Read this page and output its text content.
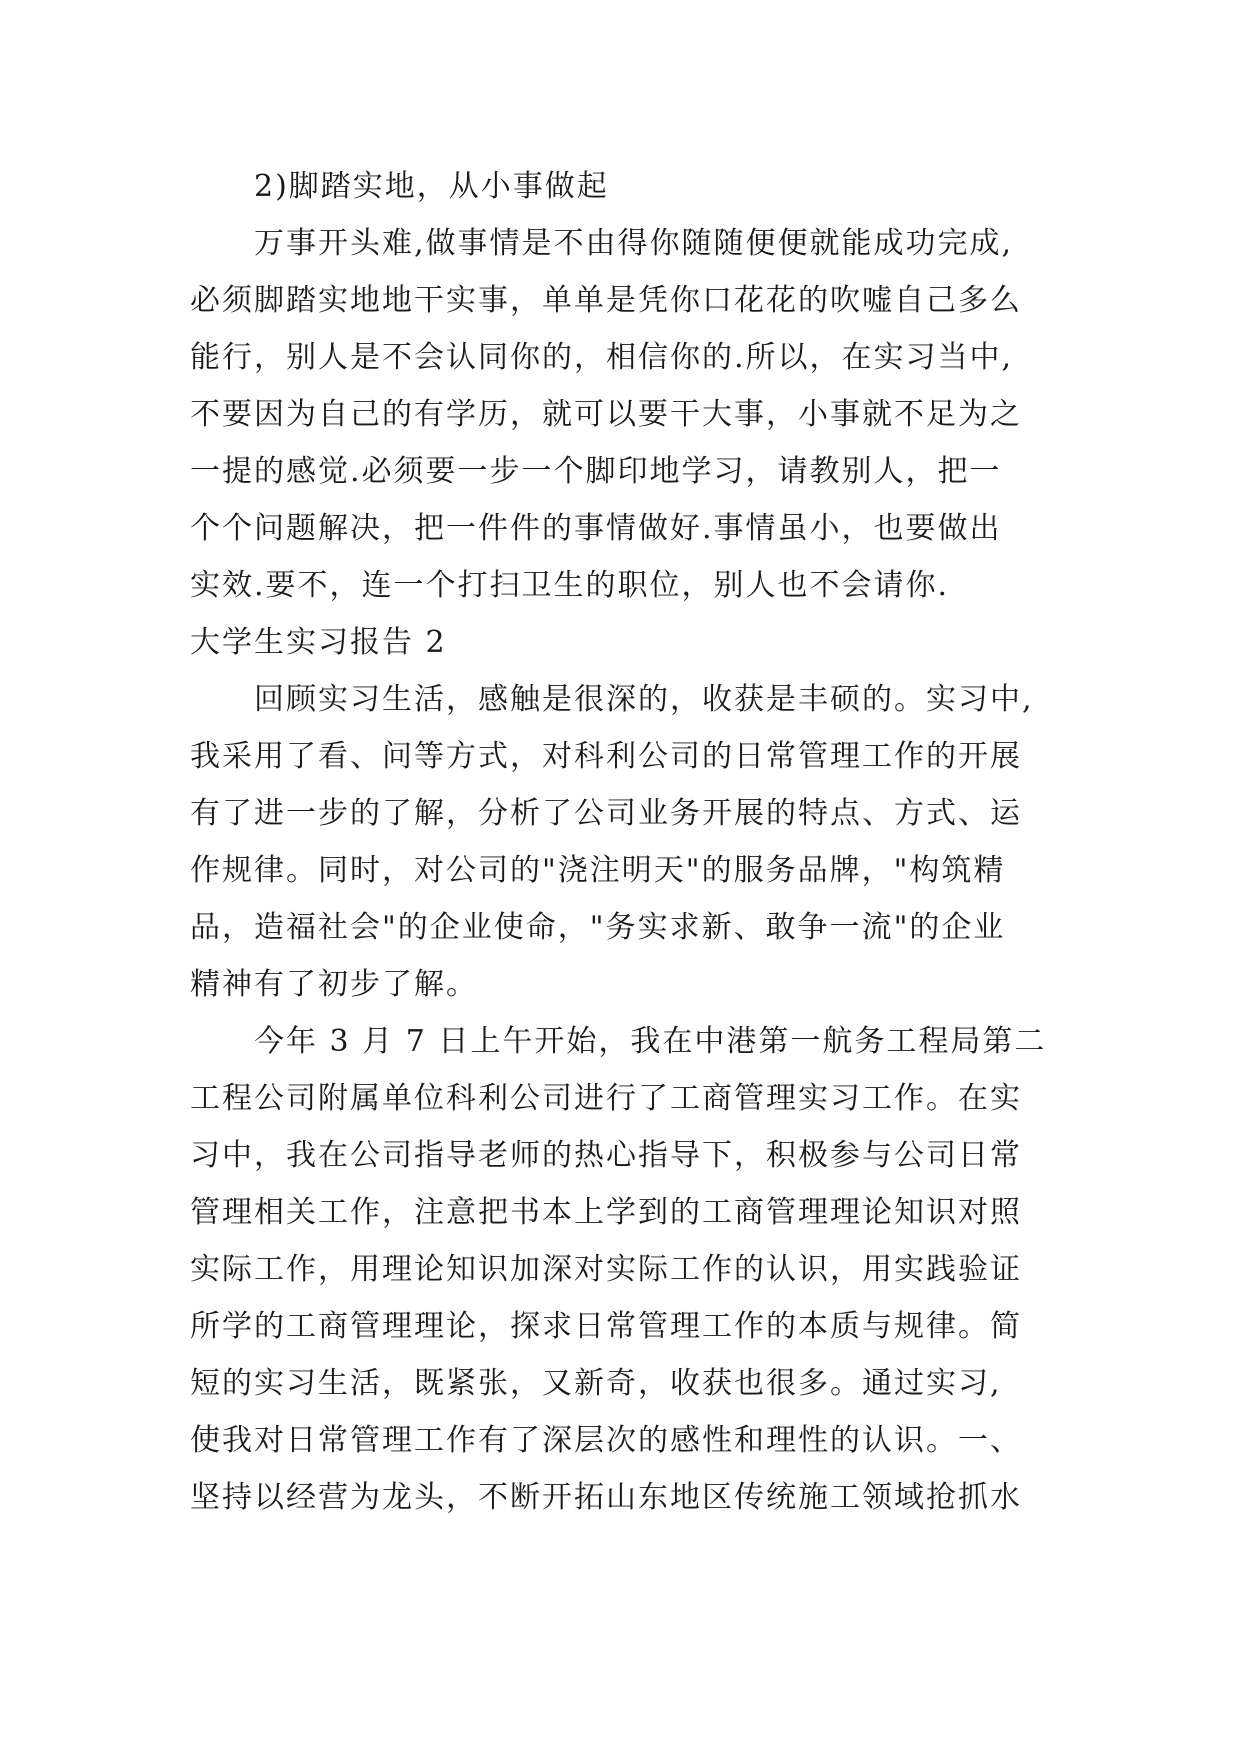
2)脚踏实地，从小事做起
万事开头难,做事情是不由得你随随便便就能成功完成,
必须脚踏实地地干实事，单单是凭你口花花的吹嘘自己多么
能行，别人是不会认同你的，相信你的.所以，在实习当中,
不要因为自己的有学历，就可以要干大事，小事就不足为之
一提的感觉.必须要一步一个脚印地学习，请教别人，把一
个个问题解决，把一件件的事情做好.事情虽小，也要做出
实效.要不，连一个打扫卫生的职位，别人也不会请你.
大学生实习报告 2
回顾实习生活，感触是很深的，收获是丰硕的。实习中,
我采用了看、问等方式，对科利公司的日常管理工作的开展
有了进一步的了解，分析了公司业务开展的特点、方式、运
作规律。同时，对公司的"浇注明天"的服务品牌，"构筑精
品，造福社会"的企业使命，"务实求新、敢争一流"的企业
精神有了初步了解。
今年 3 月 7 日上午开始，我在中港第一航务工程局第二
工程公司附属单位科利公司进行了工商管理实习工作。在实
习中，我在公司指导老师的热心指导下，积极参与公司日常
管理相关工作，注意把书本上学到的工商管理理论知识对照
实际工作，用理论知识加深对实际工作的认识，用实践验证
所学的工商管理理论，探求日常管理工作的本质与规律。简
短的实习生活，既紧张，又新奇，收获也很多。通过实习,
使我对日常管理工作有了深层次的感性和理性的认识。一、
坚持以经营为龙头，不断开拓山东地区传统施工领域抢抓水
